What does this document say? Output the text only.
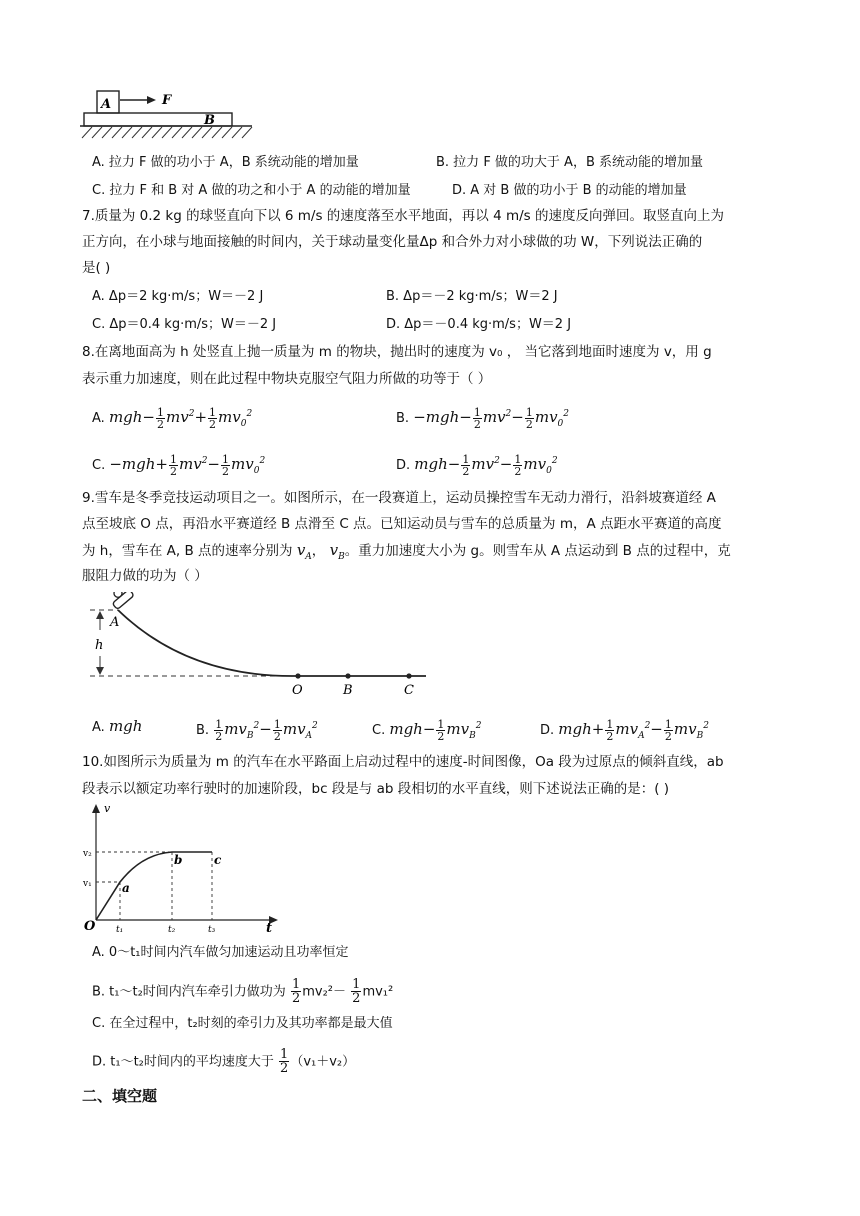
A	F
B
A. 拉力 F 做的功小于 A，B 系统动能的增加量	B. 拉力 F 做的功大于 A，B 系统动能的增加量
C. 拉力 F 和 B 对 A 做的功之和小于 A 的动能的增加量	D. A 对 B 做的功小于 B 的动能的增加量
7.质量为 0.2 kg 的球竖直向下以 6 m/s 的速度落至水平地面，再以 4 m/s 的速度反向弹回。取竖直向上为
正方向，在小球与地面接触的时间内，关于球动量变化量Δp 和合外力对小球做的功 W，下列说法正确的
是( )
A. Δp＝2 kg·m/s；W＝－2 J	B. Δp＝－2 kg·m/s；W＝2 J
C. Δp＝0.4 kg·m/s；W＝－2 J	D. Δp＝－0.4 kg·m/s；W＝2 J
8.在离地面高为 h 处竖直上抛一质量为 m 的物块，抛出时的速度为 v₀ ， 当它落到地面时速度为 v，用 g
表示重力加速度，则在此过程中物块克服空气阻力所做的功等于（ ）
A. $mgh- \frac{1}{2} mv^2+ \frac{1}{2} mv_0^2$	B. $-mgh- \frac{1}{2} mv^2- \frac{1}{2} mv_0^2$
C. $-mgh+ \frac{1}{2} mv^2- \frac{1}{2} mv_0^2$	D. $mgh- \frac{1}{2} mv^2- \frac{1}{2} mv_0^2$
9.雪车是冬季竞技运动项目之一。如图所示，在一段赛道上，运动员操控雪车无动力滑行，沿斜坡赛道经 A
点至坡底 O 点，再沿水平赛道经 B 点滑至 C 点。已知运动员与雪车的总质量为 m，A 点距水平赛道的高度
为 h，雪车在 A, B 点的速率分别为 $v_A$， $v_B$。重力加速度大小为 g。则雪车从 A 点运动到 B 点的过程中，克
服阻力做的功为（ ）
A
h
O	B	C
A. mgh	B. $\frac{1}{2} mv_B^2- \frac{1}{2} mv_A^2$	C. $mgh- \frac{1}{2} mv_B^2$	D. $mgh+ \frac{1}{2} mv_A^2- \frac{1}{2} mv_B^2$
10.如图所示为质量为 m 的汽车在水平路面上启动过程中的速度-时间图像，Oa 段为过原点的倾斜直线，ab
段表示以额定功率行驶时的加速阶段，bc 段是与 ab 段相切的水平直线，则下述说法正确的是：( )
v
v₂
v₁	a
b	c
O t₁	t₂	t₃	t
A. 0～t₁时间内汽车做匀加速运动且功率恒定
B. t₁～t₂时间内汽车牵引力做功为 $\frac{1}{2} mv_2^2- \frac{1}{2} mv_1^2$
C. 在全过程中，t₂时刻的牵引力及其功率都是最大值
D. t₁～t₂时间内的平均速度大于 $\frac{1}{2} (v_1+v_2)$
二、填空题
